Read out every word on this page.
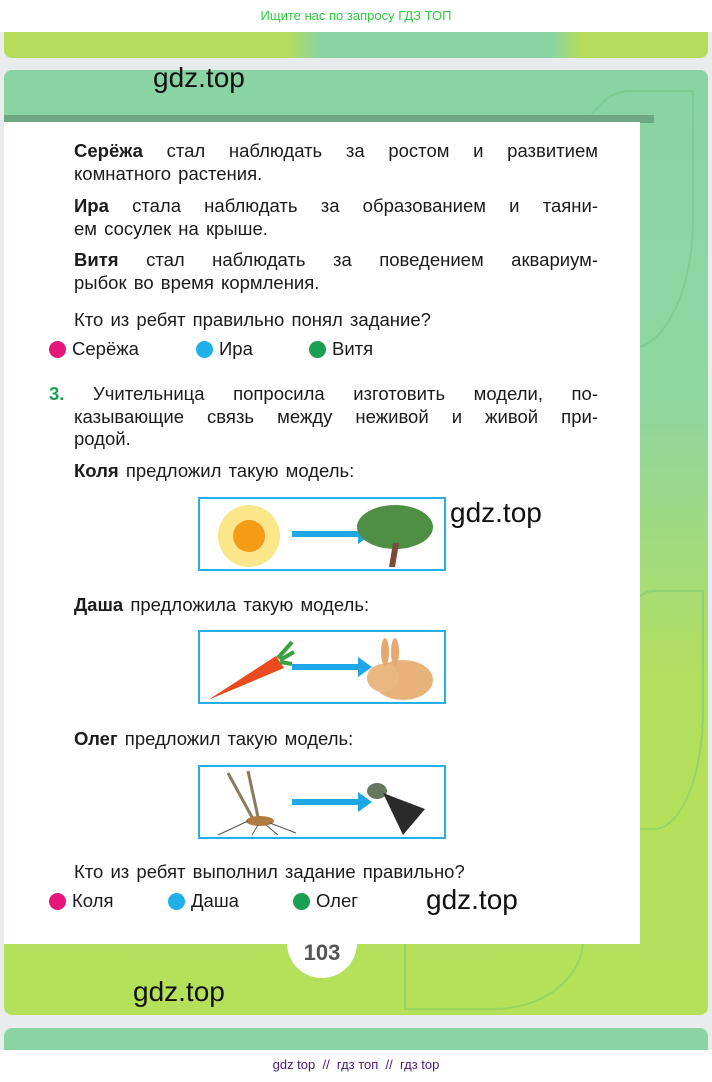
Ищите нас по запросу ГДЗ ТОП
gdz.top
Серёжа стал наблюдать за ростом и развитием
комнатного растения.
Ира стала наблюдать за образованием и таяни-
ем сосулек на крыше.
Витя стал наблюдать за поведением аквариум-
рыбок во время кормления.
Кто из ребят правильно понял задание?
Серёжа	Ира	Витя
3. Учительница попросила изготовить модели, по-
казывающие связь между неживой и живой при-
родой.
Коля предложил такую модель:
gdz.top
Даша предложила такую модель:
Олег предложил такую модель:
Кто из ребят выполнил задание правильно?
Коля	Даша	Олег gdz.top
103
gdz.top
gdz top  //  гдз топ  //  гдз top
